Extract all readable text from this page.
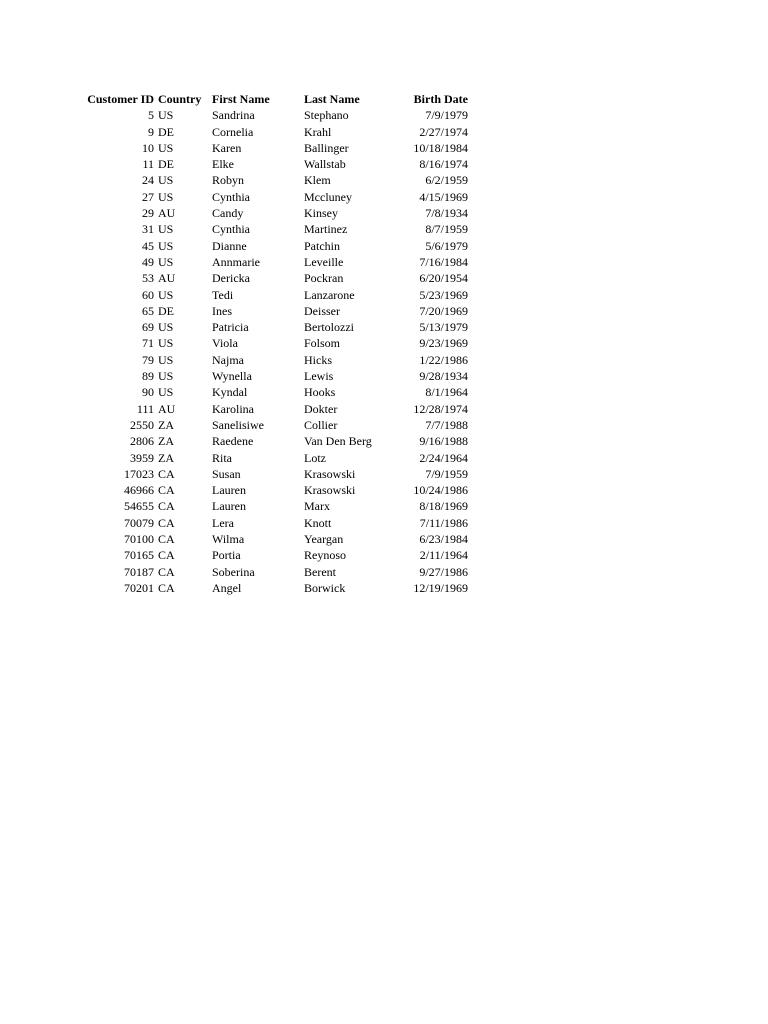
Customer ID	Country	First Name	Last Name	Birth Date
5	US	Sandrina	Stephano	7/9/1979
9	DE	Cornelia	Krahl	2/27/1974
10	US	Karen	Ballinger	10/18/1984
11	DE	Elke	Wallstab	8/16/1974
24	US	Robyn	Klem	6/2/1959
27	US	Cynthia	Mccluney	4/15/1969
29	AU	Candy	Kinsey	7/8/1934
31	US	Cynthia	Martinez	8/7/1959
45	US	Dianne	Patchin	5/6/1979
49	US	Annmarie	Leveille	7/16/1984
53	AU	Dericka	Pockran	6/20/1954
60	US	Tedi	Lanzarone	5/23/1969
65	DE	Ines	Deisser	7/20/1969
69	US	Patricia	Bertolozzi	5/13/1979
71	US	Viola	Folsom	9/23/1969
79	US	Najma	Hicks	1/22/1986
89	US	Wynella	Lewis	9/28/1934
90	US	Kyndal	Hooks	8/1/1964
111	AU	Karolina	Dokter	12/28/1974
2550	ZA	Sanelisiwe	Collier	7/7/1988
2806	ZA	Raedene	Van Den Berg	9/16/1988
3959	ZA	Rita	Lotz	2/24/1964
17023	CA	Susan	Krasowski	7/9/1959
46966	CA	Lauren	Krasowski	10/24/1986
54655	CA	Lauren	Marx	8/18/1969
70079	CA	Lera	Knott	7/11/1986
70100	CA	Wilma	Yeargan	6/23/1984
70165	CA	Portia	Reynoso	2/11/1964
70187	CA	Soberina	Berent	9/27/1986
70201	CA	Angel	Borwick	12/19/1969
